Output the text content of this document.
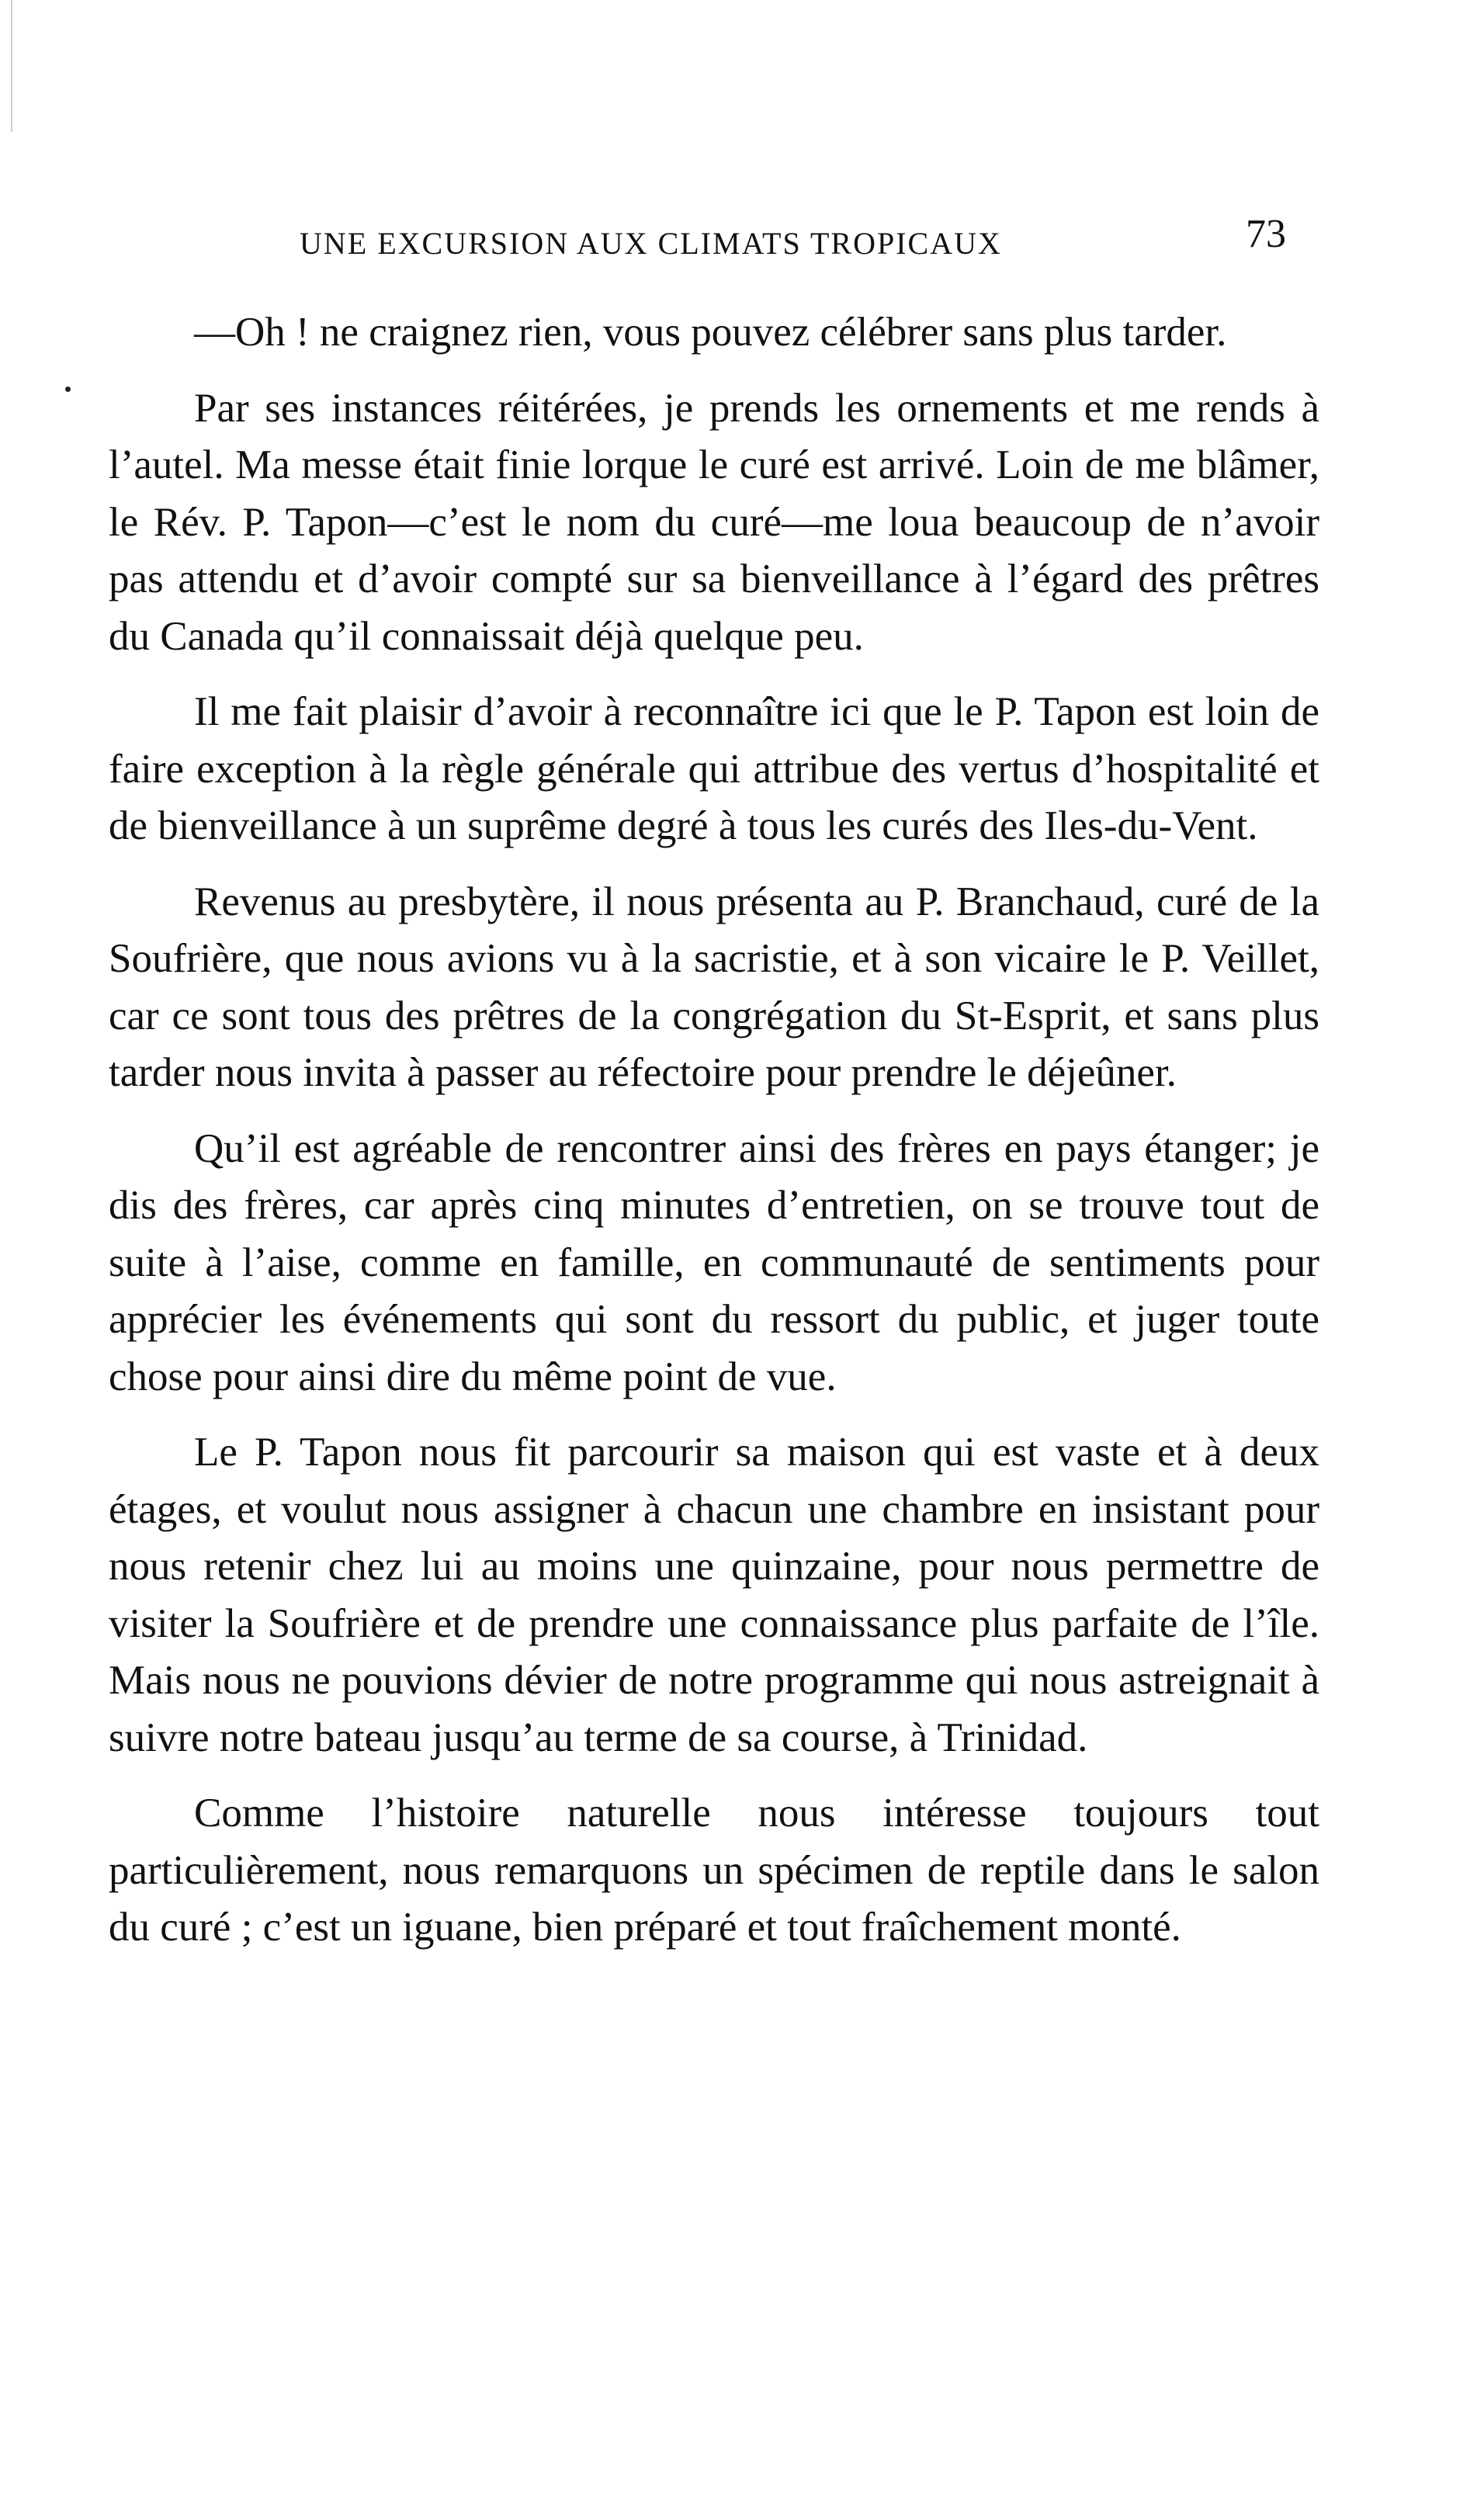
UNE EXCURSION AUX CLIMATS TROPICAUX	73

—Oh ! ne craignez rien, vous pouvez célébrer sans plus tarder.

Par ses instances réitérées, je prends les ornements et me rends à l’autel. Ma messe était finie lorque le curé est arrivé. Loin de me blâmer, le Rév. P. Tapon—c’est le nom du curé—me loua beaucoup de n’avoir pas attendu et d’avoir compté sur sa bienveillance à l’égard des prêtres du Canada qu’il connaissait déjà quelque peu.

Il me fait plaisir d’avoir à reconnaître ici que le P. Tapon est loin de faire exception à la règle générale qui attribue des vertus d’hospitalité et de bienveillance à un suprême degré à tous les curés des Iles-du-Vent.

Revenus au presbytère, il nous présenta au P. Branchaud, curé de la Soufrière, que nous avions vu à la sacristie, et à son vicaire le P. Veillet, car ce sont tous des prêtres de la congrégation du St-Esprit, et sans plus tarder nous invita à passer au réfectoire pour prendre le déjeûner.

Qu’il est agréable de rencontrer ainsi des frères en pays étanger; je dis des frères, car après cinq minutes d’entretien, on se trouve tout de suite à l’aise, comme en famille, en communauté de sentiments pour apprécier les événements qui sont du ressort du public, et juger toute chose pour ainsi dire du même point de vue.

Le P. Tapon nous fit parcourir sa maison qui est vaste et à deux étages, et voulut nous assigner à chacun une chambre en insistant pour nous retenir chez lui au moins une quinzaine, pour nous permettre de visiter la Soufrière et de prendre une connaissance plus parfaite de l’île. Mais nous ne pouvions dévier de notre programme qui nous astreignait à suivre notre bateau jusqu’au terme de sa course, à Trinidad.

Comme l’histoire naturelle nous intéresse toujours tout particulièrement, nous remarquons un spécimen de reptile dans le salon du curé ; c’est un iguane, bien préparé et tout fraîchement monté.
